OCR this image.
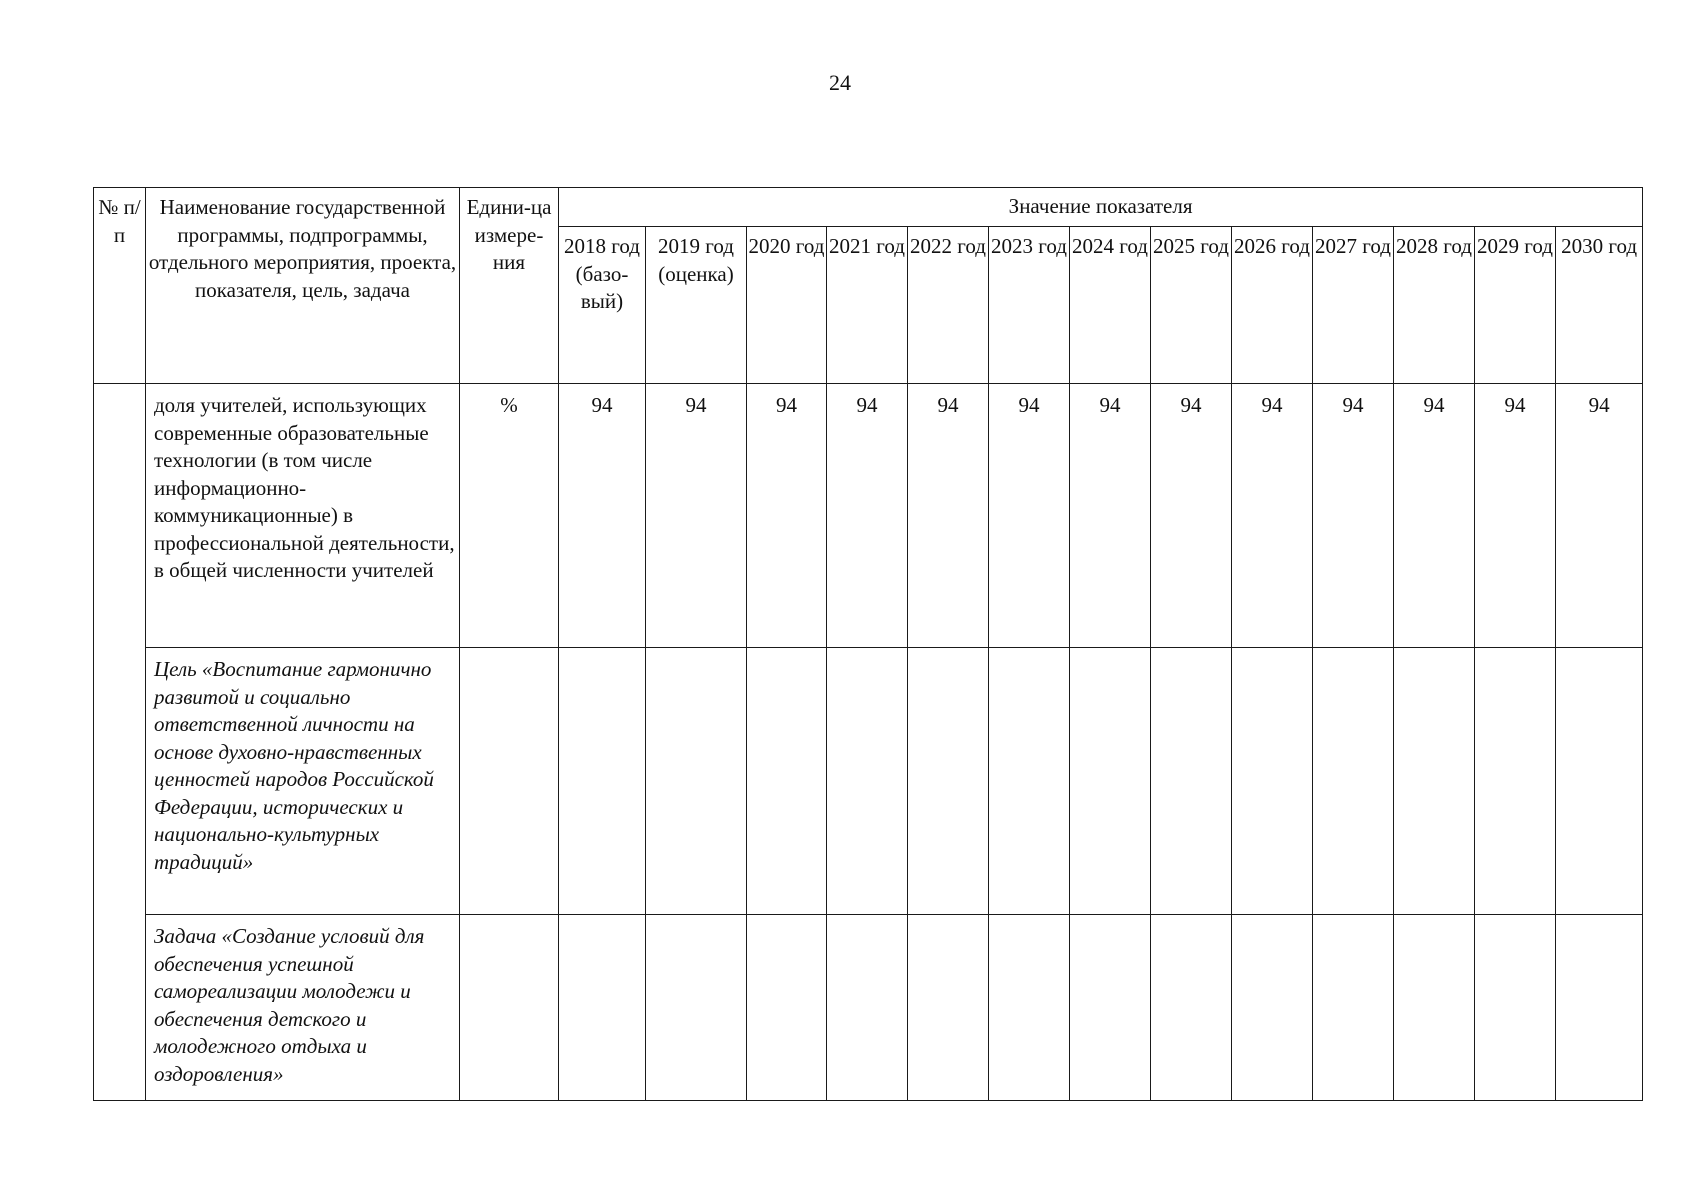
24
№ п/п	Наименование государственной программы, подпрограммы, отдельного мероприятия, проекта, показателя, цель, задача	Едини-ца измере-ния	Значение показателя												
			2018 год (базо-вый)	2019 год (оценка)	2020 год	2021 год	2022 год	2023 год	2024 год	2025 год	2026 год	2027 год	2028 год	2029 год	2030 год
	доля учителей, использующих современные образовательные технологии (в том числе информационно-коммуникационные) в профессиональной деятельности, в общей численности учителей	%	94	94	94	94	94	94	94	94	94	94	94	94	94
	Цель «Воспитание гармонично развитой и социально ответственной личности на основе духовно-нравственных ценностей народов Российской Федерации, исторических и национально-культурных традиций»														
	Задача «Создание условий для обеспечения успешной самореализации молодежи и обеспечения детского и молодежного отдыха и оздоровления»														
